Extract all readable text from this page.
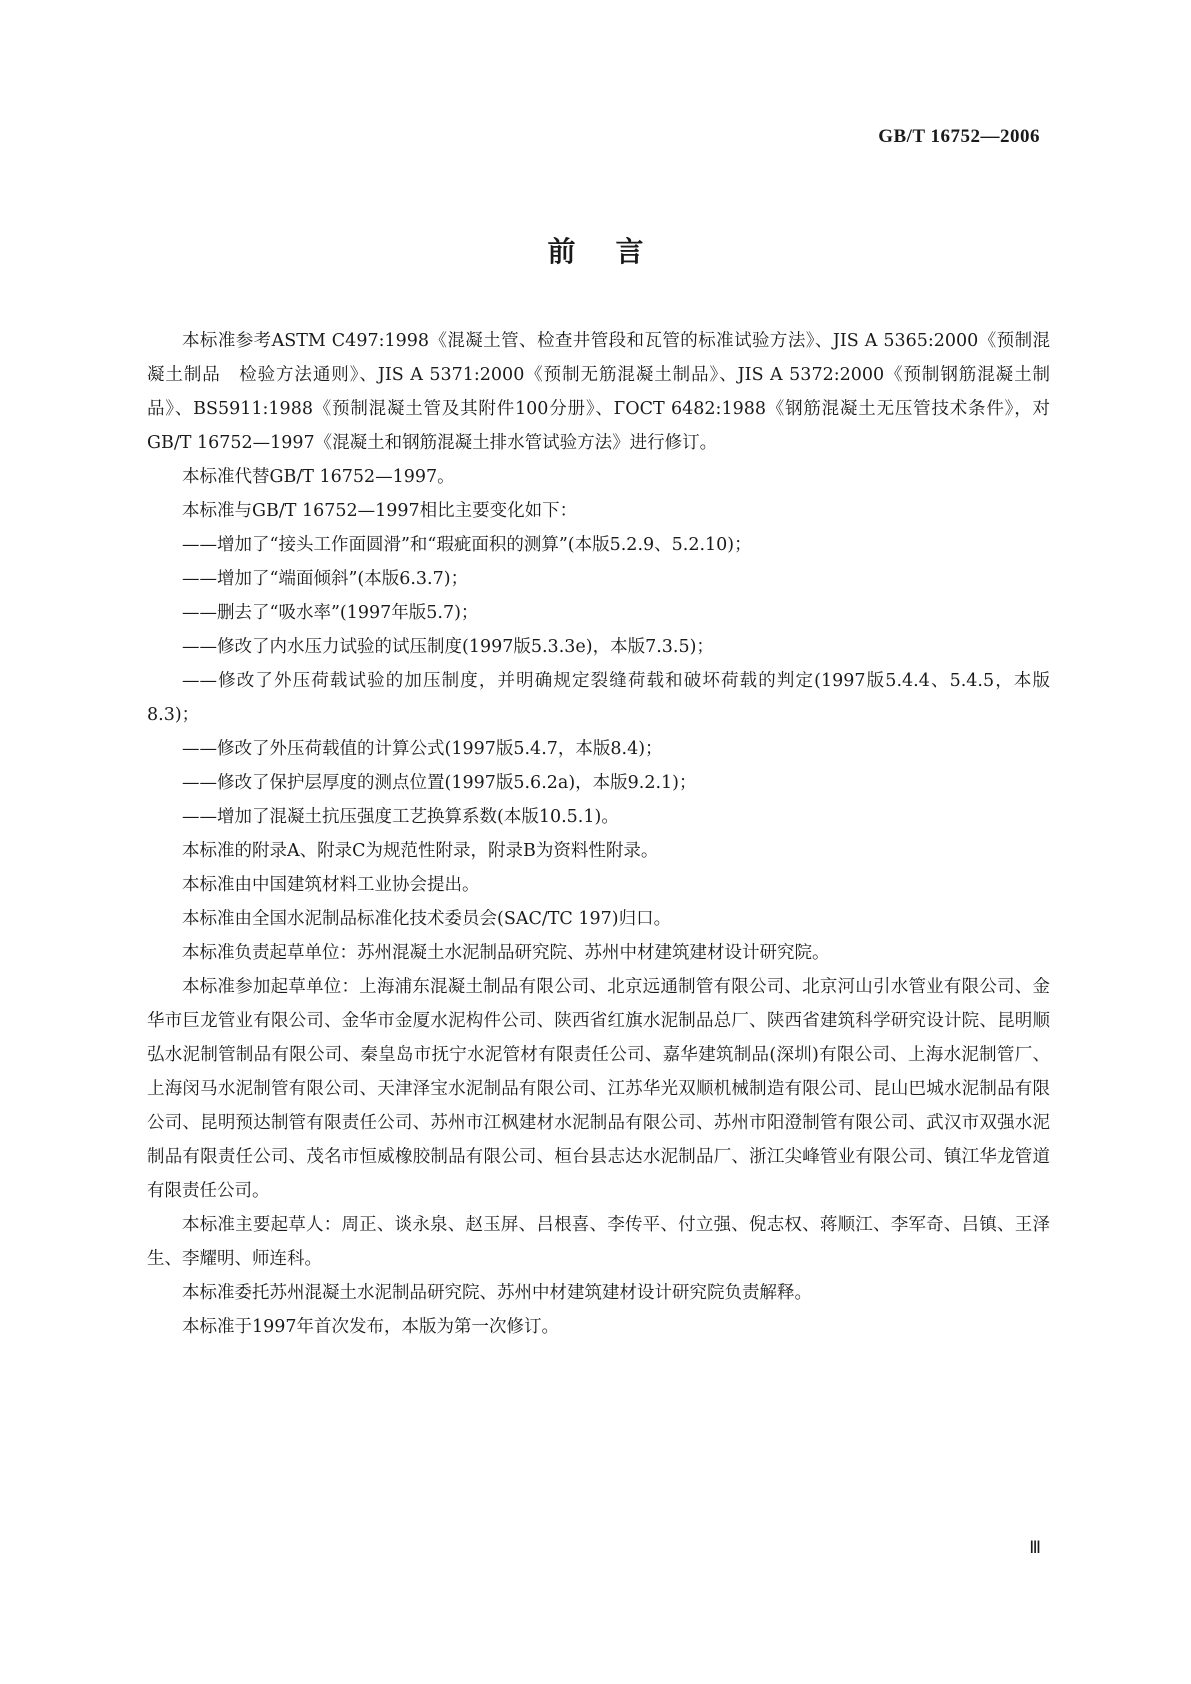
GB/T 16752—2006
前言

本标准参考ASTM C497:1998《混凝土管、检查井管段和瓦管的标准试验方法》、JIS A 5365:2000《预制混凝土制品　检验方法通则》、JIS A 5371:2000《预制无筋混凝土制品》、JIS A 5372:2000《预制钢筋混凝土制品》、BS5911:1988《预制混凝土管及其附件100分册》、ГОСТ 6482:1988《钢筋混凝土无压管技术条件》，对GB/T 16752—1997《混凝土和钢筋混凝土排水管试验方法》进行修订。

本标准代替GB/T 16752—1997。

本标准与GB/T 16752—1997相比主要变化如下：

——增加了“接头工作面圆滑”和“瑕疵面积的测算”(本版5.2.9、5.2.10)；

——增加了“端面倾斜”(本版6.3.7)；

——删去了“吸水率”(1997年版5.7)；

——修改了内水压力试验的试压制度(1997版5.3.3e)，本版7.3.5)；

——修改了外压荷载试验的加压制度，并明确规定裂缝荷载和破坏荷载的判定(1997版5.4.4、5.4.5，本版8.3)；

——修改了外压荷载值的计算公式(1997版5.4.7，本版8.4)；

——修改了保护层厚度的测点位置(1997版5.6.2a)，本版9.2.1)；

——增加了混凝土抗压强度工艺换算系数(本版10.5.1)。

本标准的附录A、附录C为规范性附录，附录B为资料性附录。

本标准由中国建筑材料工业协会提出。

本标准由全国水泥制品标准化技术委员会(SAC/TC 197)归口。

本标准负责起草单位：苏州混凝土水泥制品研究院、苏州中材建筑建材设计研究院。

本标准参加起草单位：上海浦东混凝土制品有限公司、北京远通制管有限公司、北京河山引水管业有限公司、金华市巨龙管业有限公司、金华市金厦水泥构件公司、陕西省红旗水泥制品总厂、陕西省建筑科学研究设计院、昆明顺弘水泥制管制品有限公司、秦皇岛市抚宁水泥管材有限责任公司、嘉华建筑制品(深圳)有限公司、上海水泥制管厂、上海闵马水泥制管有限公司、天津泽宝水泥制品有限公司、江苏华光双顺机械制造有限公司、昆山巴城水泥制品有限公司、昆明预达制管有限责任公司、苏州市江枫建材水泥制品有限公司、苏州市阳澄制管有限公司、武汉市双强水泥制品有限责任公司、茂名市恒威橡胶制品有限公司、桓台县志达水泥制品厂、浙江尖峰管业有限公司、镇江华龙管道有限责任公司。

本标准主要起草人：周正、谈永泉、赵玉屏、吕根喜、李传平、付立强、倪志权、蒋顺江、李军奇、吕镇、王泽生、李耀明、师连科。

本标准委托苏州混凝土水泥制品研究院、苏州中材建筑建材设计研究院负责解释。

本标准于1997年首次发布，本版为第一次修订。

Ⅲ
